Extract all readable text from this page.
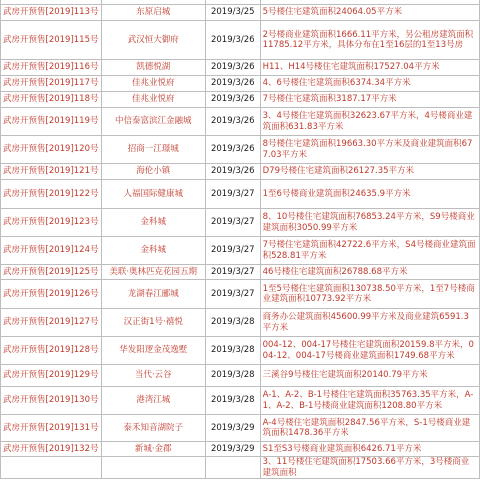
武房开预售[2019]113号	东原启城	2019/3/25	5号楼住宅建筑面积24064.05平方米
武房开预售[2019]115号	武汉恒大御府	2019/3/26	2号楼商业建筑面积1666.11平方米，另公租房建筑面积11785.12平方米，具体分布在1至16层的1至13号房
武房开预售[2019]116号	凯德悦湖	2019/3/26	H11、H14号楼住宅建筑面积17527.04平方米
武房开预售[2019]117号	佳兆业悦府	2019/3/26	4、6号楼住宅建筑面积6374.34平方米
武房开预售[2019]118号	佳兆业悦府	2019/3/26	7号楼住宅建筑面积3187.17平方米
武房开预售[2019]119号	中信泰富滨江金融城	2019/3/26	3、4号楼住宅建筑面积32623.67平方米，4号楼商业建筑面积631.83平方米
武房开预售[2019]120号	招商一江璟城	2019/3/26	8号楼住宅建筑面积19663.30平方米及商业建筑面积677.03平方米
武房开预售[2019]121号	海伦小镇	2019/3/26	D79号楼住宅建筑面积26127.35平方米
武房开预售[2019]122号	人福国际健康城	2019/3/27	1至6号楼商业建筑面积24635.9平方米
武房开预售[2019]123号	金科城	2019/3/27	8、10号楼住宅建筑面积76853.24平方米，S9号楼商业建筑面积3050.99平方米
武房开预售[2019]124号	金科城	2019/3/27	7号楼住宅建筑面积42722.6平方米，S4号楼商业建筑面积528.81平方米
武房开预售[2019]125号	美联·奥林匹克花园五期	2019/3/27	46号楼住宅建筑面积26788.68平方米
武房开预售[2019]126号	龙湖春江郦城	2019/3/27	1至5号楼住宅建筑面积130738.50平方米，1至7号楼商业建筑面积10773.92平方米
武房开预售[2019]127号	汉正街1号·禧悦	2019/3/28	商务办公建筑面积45600.99平方米及商业建筑6591.3平方米
武房开预售[2019]128号	华发阳逻金茂逸墅	2019/3/28	004-12、004-17号楼住宅建筑面积20159.8平方米，004-12、004-17号楼商业建筑面积1749.68平方米
武房开预售[2019]129号	当代·云谷	2019/3/28	三溪谷9号楼住宅建筑面积20140.79平方米
武房开预售[2019]130号	港湾江城	2019/3/28	A-1、A-2、B-1号楼住宅建筑面积35763.35平方米，A-1、A-2、B-1号楼商业建筑面积1208.80平方米
武房开预售[2019]131号	泰禾知音湖院子	2019/3/29	A-4号楼住宅建筑面积2847.56平方米，S-1号楼商业建筑面积1478.36平方米
武房开预售[2019]132号	新城·金郡	2019/3/29	S1至S3号楼商业建筑面积6426.71平方米
			3、11号楼住宅建筑面积17503.66平方米，3号楼商业建筑面积
